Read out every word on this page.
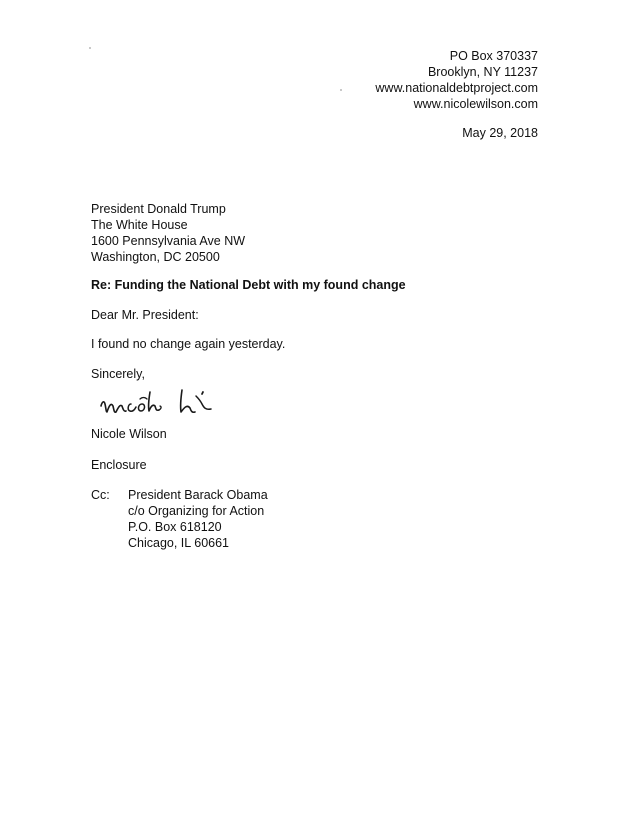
PO Box 370337
Brooklyn, NY 11237
www.nationaldebtproject.com
www.nicolewilson.com
May 29, 2018
President Donald Trump
The White House
1600 Pennsylvania Ave NW
Washington, DC 20500
Re: Funding the National Debt with my found change
Dear Mr. President:
I found no change again yesterday.
Sincerely,
Nicole Wilson
Enclosure
Cc: President Barack Obama
c/o Organizing for Action
P.O. Box 618120
Chicago, IL 60661
